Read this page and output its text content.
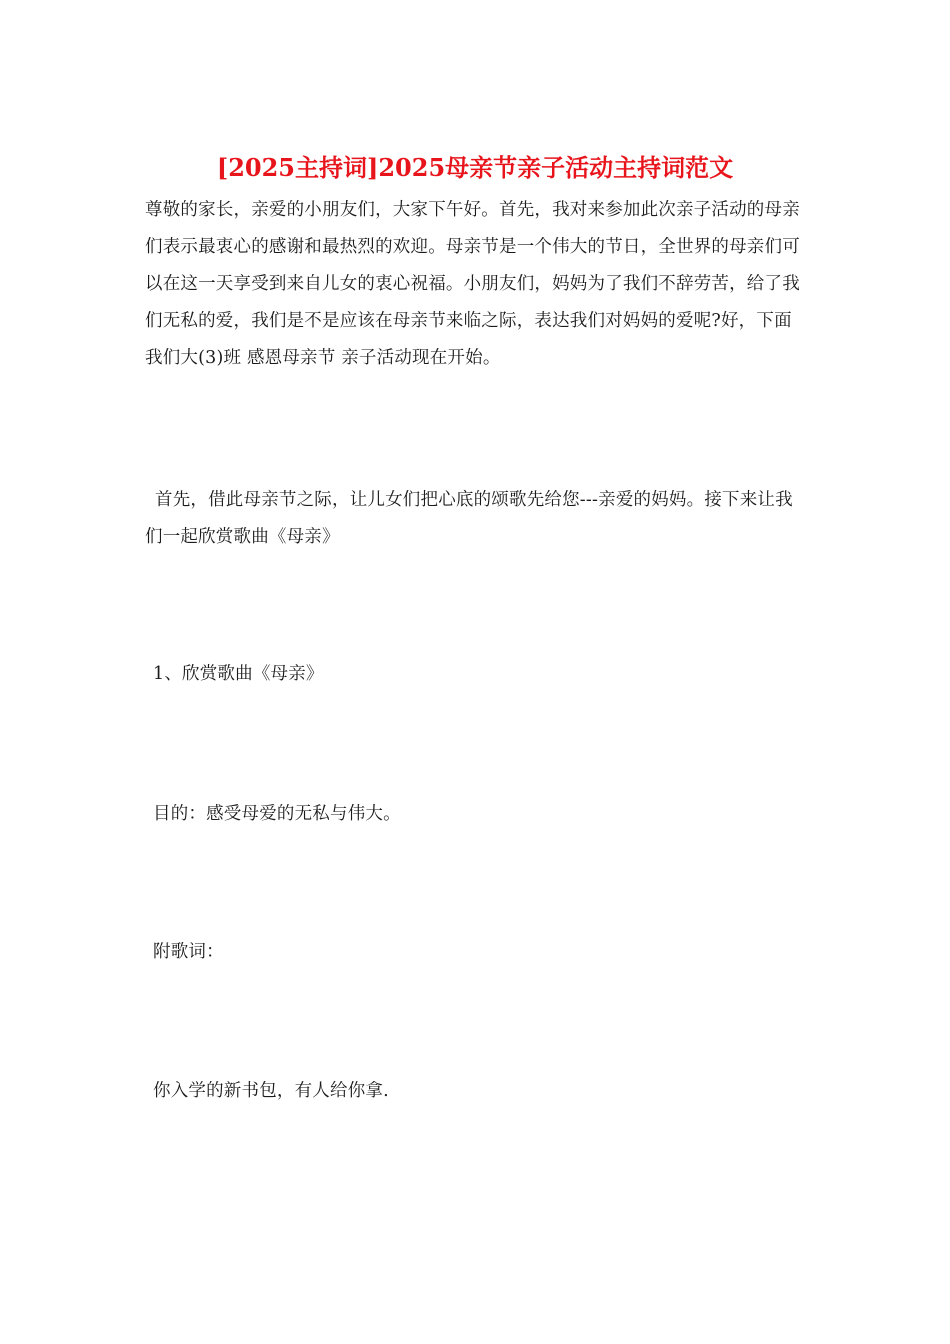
[2025主持词]2025母亲节亲子活动主持词范文

尊敬的家长，亲爱的小朋友们，大家下午好。首先，我对来参加此次亲子活动的母亲们表示最衷心的感谢和最热烈的欢迎。母亲节是一个伟大的节日，全世界的母亲们可以在这一天享受到来自儿女的衷心祝福。小朋友们，妈妈为了我们不辞劳苦，给了我们无私的爱，我们是不是应该在母亲节来临之际，表达我们对妈妈的爱呢?好，下面我们大(3)班 感恩母亲节 亲子活动现在开始。

首先，借此母亲节之际，让儿女们把心底的颂歌先给您---亲爱的妈妈。接下来让我们一起欣赏歌曲《母亲》

1、欣赏歌曲《母亲》

目的：感受母爱的无私与伟大。

附歌词：

你入学的新书包，有人给你拿.
